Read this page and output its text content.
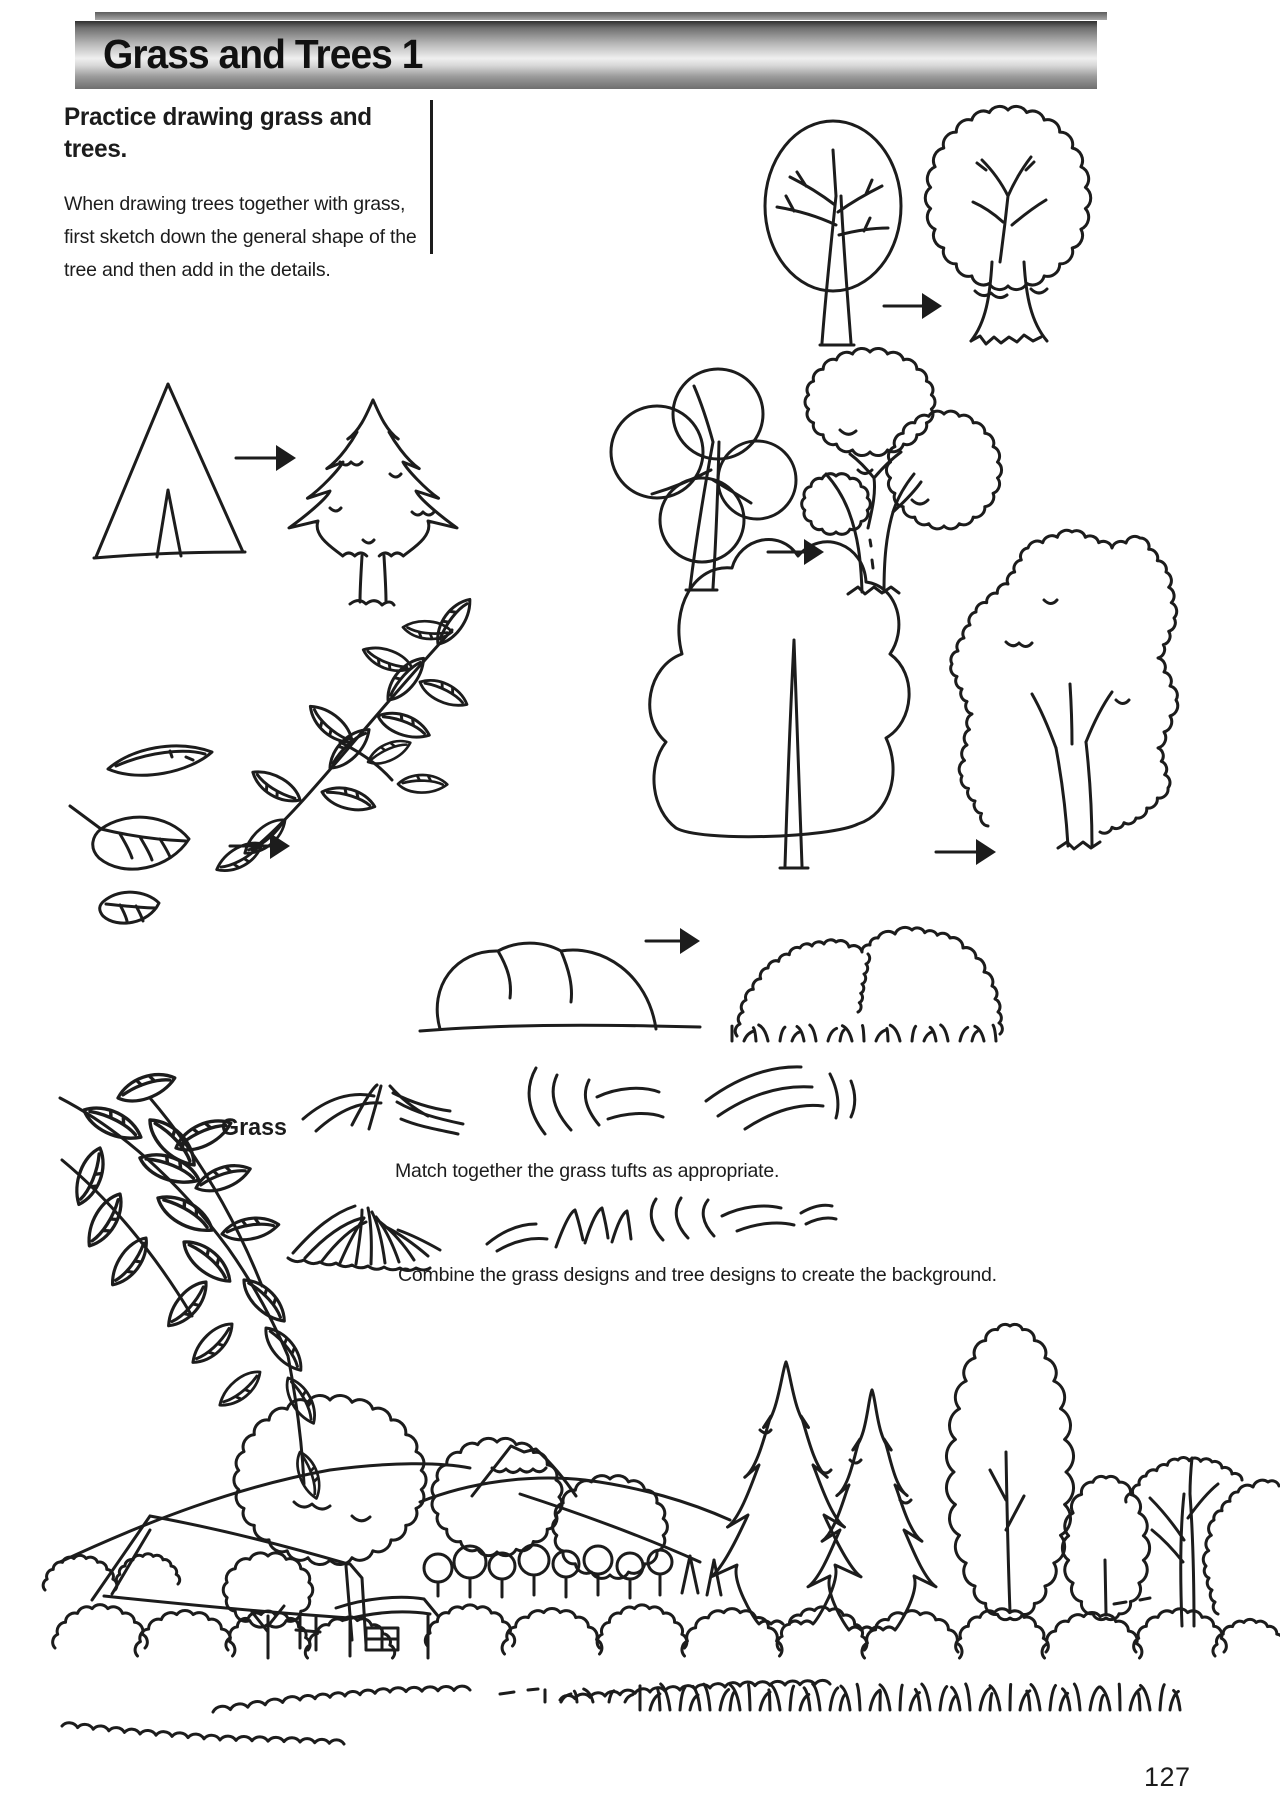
Grass and Trees 1
Practice drawing grass and trees.
When drawing trees together with grass, first sketch down the general shape of the tree and then add in the details.
Grass
Match together the grass tufts as appropriate.
Combine the grass designs and tree designs to create the background.
127
